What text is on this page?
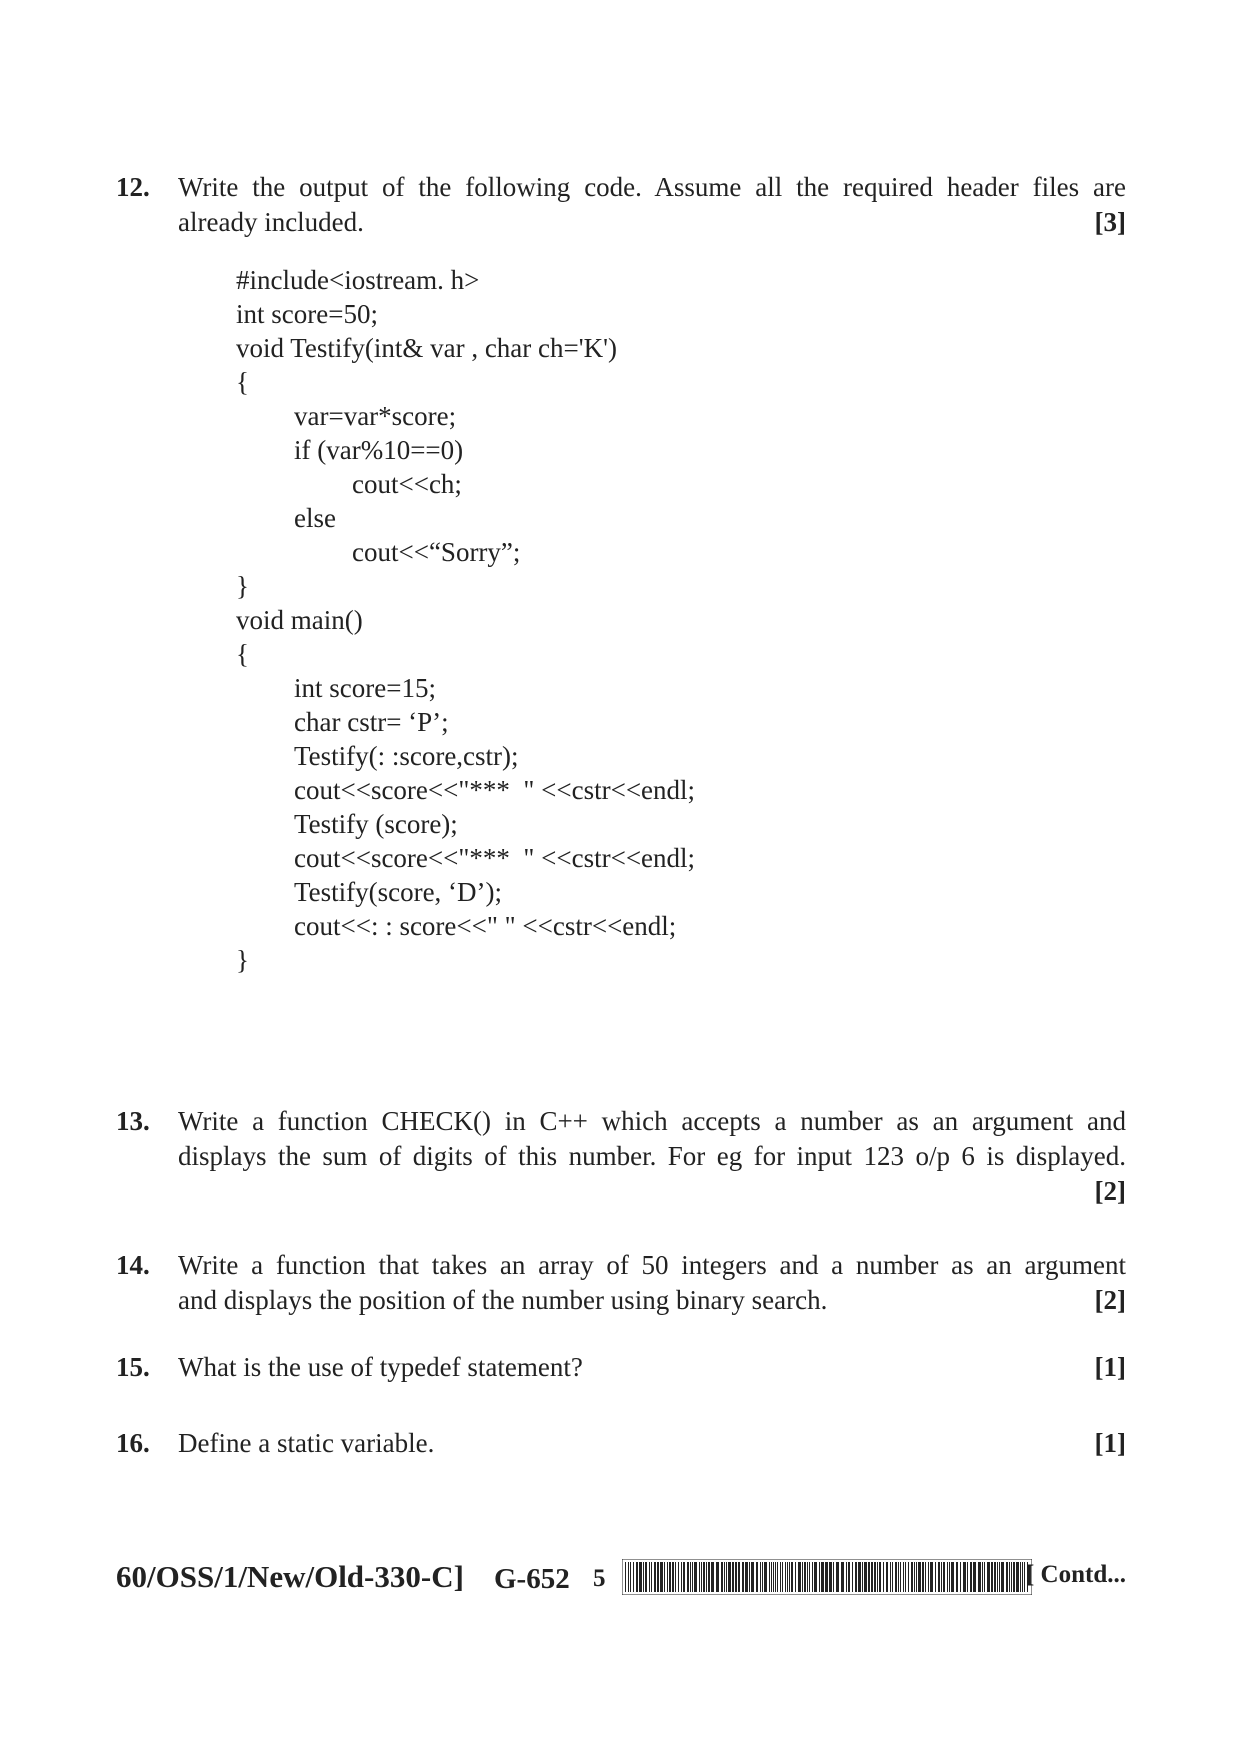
12. Write the output of the following code. Assume all the required header files are
already included.	[3]
#include<iostream. h>
int score=50;
void Testify(int& var , char ch='K')
{
var=var*score;
if (var%10==0)
cout<<ch;
else
cout<<“Sorry”;
}
void main()
{
int score=15;
char cstr= ‘P’;
Testify(: :score,cstr);
cout<<score<<"***  " <<cstr<<endl;
Testify (score);
cout<<score<<"***  " <<cstr<<endl;
Testify(score, ‘D’);
cout<<: : score<<" " <<cstr<<endl;
}
13. Write a function CHECK() in C++ which accepts a number as an argument and
displays the sum of digits of this number. For eg for input 123 o/p 6 is displayed.
[2]
14. Write a function that takes an array of 50 integers and a number as an argument
and displays the position of the number using binary search.	[2]
15. What is the use of typedef statement?	[1]
16. Define a static variable.	[1]
60/OSS/1/New/Old-330-C] G-652 5	[ Contd...
